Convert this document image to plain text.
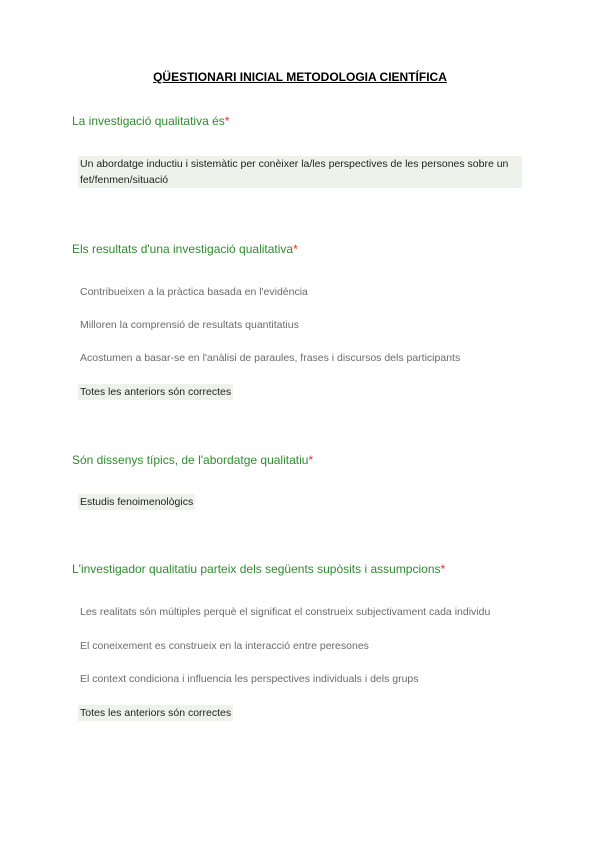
QÜESTIONARI INICIAL METODOLOGIA CIENTÍFICA

La investigació qualitativa és*

Un abordatge inductiu i sistemàtic per conèixer la/les perspectives de les persones sobre un fet/fenmen/situació

Els resultats d'una investigació qualitativa*

Contribueixen a la pràctica basada en l'evidència

Milloren la comprensió de resultats quantitatius

Acostumen a basar-se en l'anàlisi de paraules, frases i discursos dels participants

Totes les anteriors són correctes

Són dissenys típics, de l'abordatge qualitatiu*

Estudis fenoimenològics

L'investigador qualitatiu parteix dels següents supòsits i assumpcions*

Les realitats són múltiples perquè el significat el construeix subjectivament cada individu

El coneixement es construeix en la interacció entre peresones

El context condiciona i influencia les perspectives individuals i dels grups

Totes les anteriors són correctes
